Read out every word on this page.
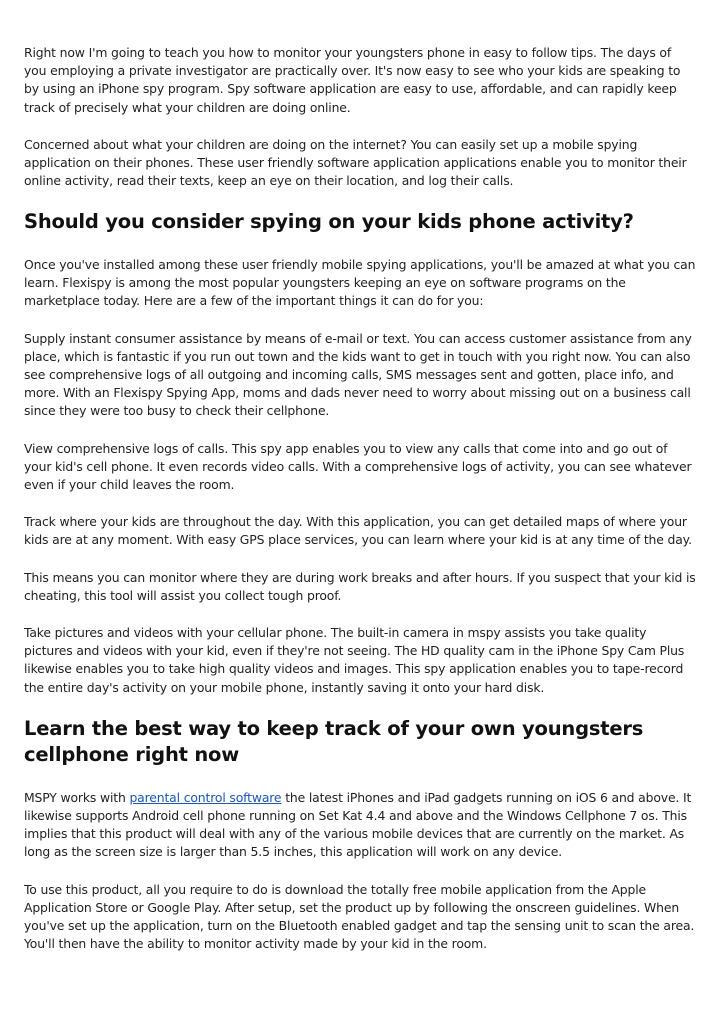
Right now I'm going to teach you how to monitor your youngsters phone in easy to follow tips. The days of you employing a private investigator are practically over. It's now easy to see who your kids are speaking to by using an iPhone spy program. Spy software application are easy to use, affordable, and can rapidly keep track of precisely what your children are doing online.

Concerned about what your children are doing on the internet? You can easily set up a mobile spying application on their phones. These user friendly software application applications enable you to monitor their online activity, read their texts, keep an eye on their location, and log their calls.

Should you consider spying on your kids phone activity?

Once you've installed among these user friendly mobile spying applications, you'll be amazed at what you can learn. Flexispy is among the most popular youngsters keeping an eye on software programs on the marketplace today. Here are a few of the important things it can do for you:

Supply instant consumer assistance by means of e-mail or text. You can access customer assistance from any place, which is fantastic if you run out town and the kids want to get in touch with you right now. You can also see comprehensive logs of all outgoing and incoming calls, SMS messages sent and gotten, place info, and more. With an Flexispy Spying App, moms and dads never need to worry about missing out on a business call since they were too busy to check their cellphone.

View comprehensive logs of calls. This spy app enables you to view any calls that come into and go out of your kid's cell phone. It even records video calls. With a comprehensive logs of activity, you can see whatever even if your child leaves the room.

Track where your kids are throughout the day. With this application, you can get detailed maps of where your kids are at any moment. With easy GPS place services, you can learn where your kid is at any time of the day.

This means you can monitor where they are during work breaks and after hours. If you suspect that your kid is cheating, this tool will assist you collect tough proof.

Take pictures and videos with your cellular phone. The built-in camera in mspy assists you take quality pictures and videos with your kid, even if they're not seeing. The HD quality cam in the iPhone Spy Cam Plus likewise enables you to take high quality videos and images. This spy application enables you to tape-record the entire day's activity on your mobile phone, instantly saving it onto your hard disk.

Learn the best way to keep track of your own youngsters cellphone right now

MSPY works with parental control software the latest iPhones and iPad gadgets running on iOS 6 and above. It likewise supports Android cell phone running on Set Kat 4.4 and above and the Windows Cellphone 7 os. This implies that this product will deal with any of the various mobile devices that are currently on the market. As long as the screen size is larger than 5.5 inches, this application will work on any device.

To use this product, all you require to do is download the totally free mobile application from the Apple Application Store or Google Play. After setup, set the product up by following the onscreen guidelines. When you've set up the application, turn on the Bluetooth enabled gadget and tap the sensing unit to scan the area. You'll then have the ability to monitor activity made by your kid in the room.
